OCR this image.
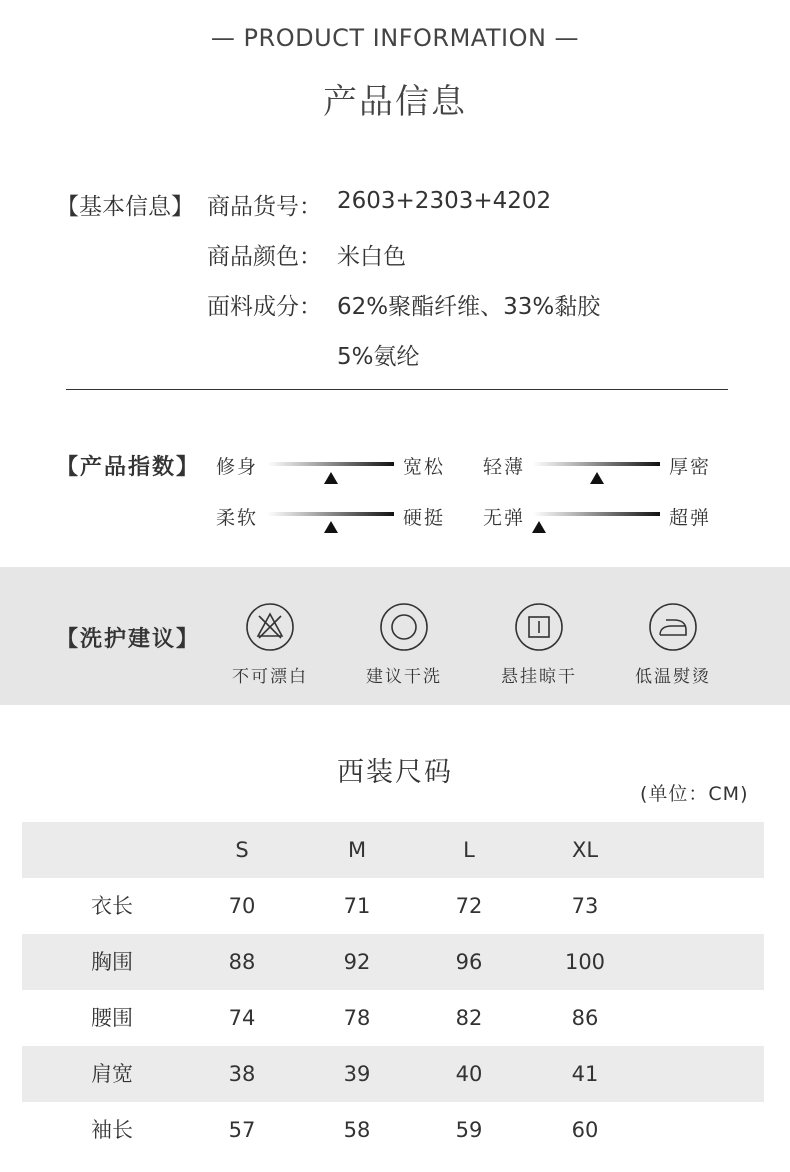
— PRODUCT INFORMATION —
产品信息
【基本信息】 商品货号： 2603+2303+4202
商品颜色： 米白色
面料成分： 62%聚酯纤维、33%黏胶
5%氨纶
【产品指数】 修身	宽松 轻薄	厚密
柔软	硬挺 无弹	超弹
【洗护建议】
不可漂白	建议干洗	悬挂晾干	低温熨烫
西装尺码
(单位：CM)
S	M	L	XL
衣长	70	71	72	73
胸围	88	92	96	100
腰围	74	78	82	86
肩宽	38	39	40	41
袖长	57	58	59	60
